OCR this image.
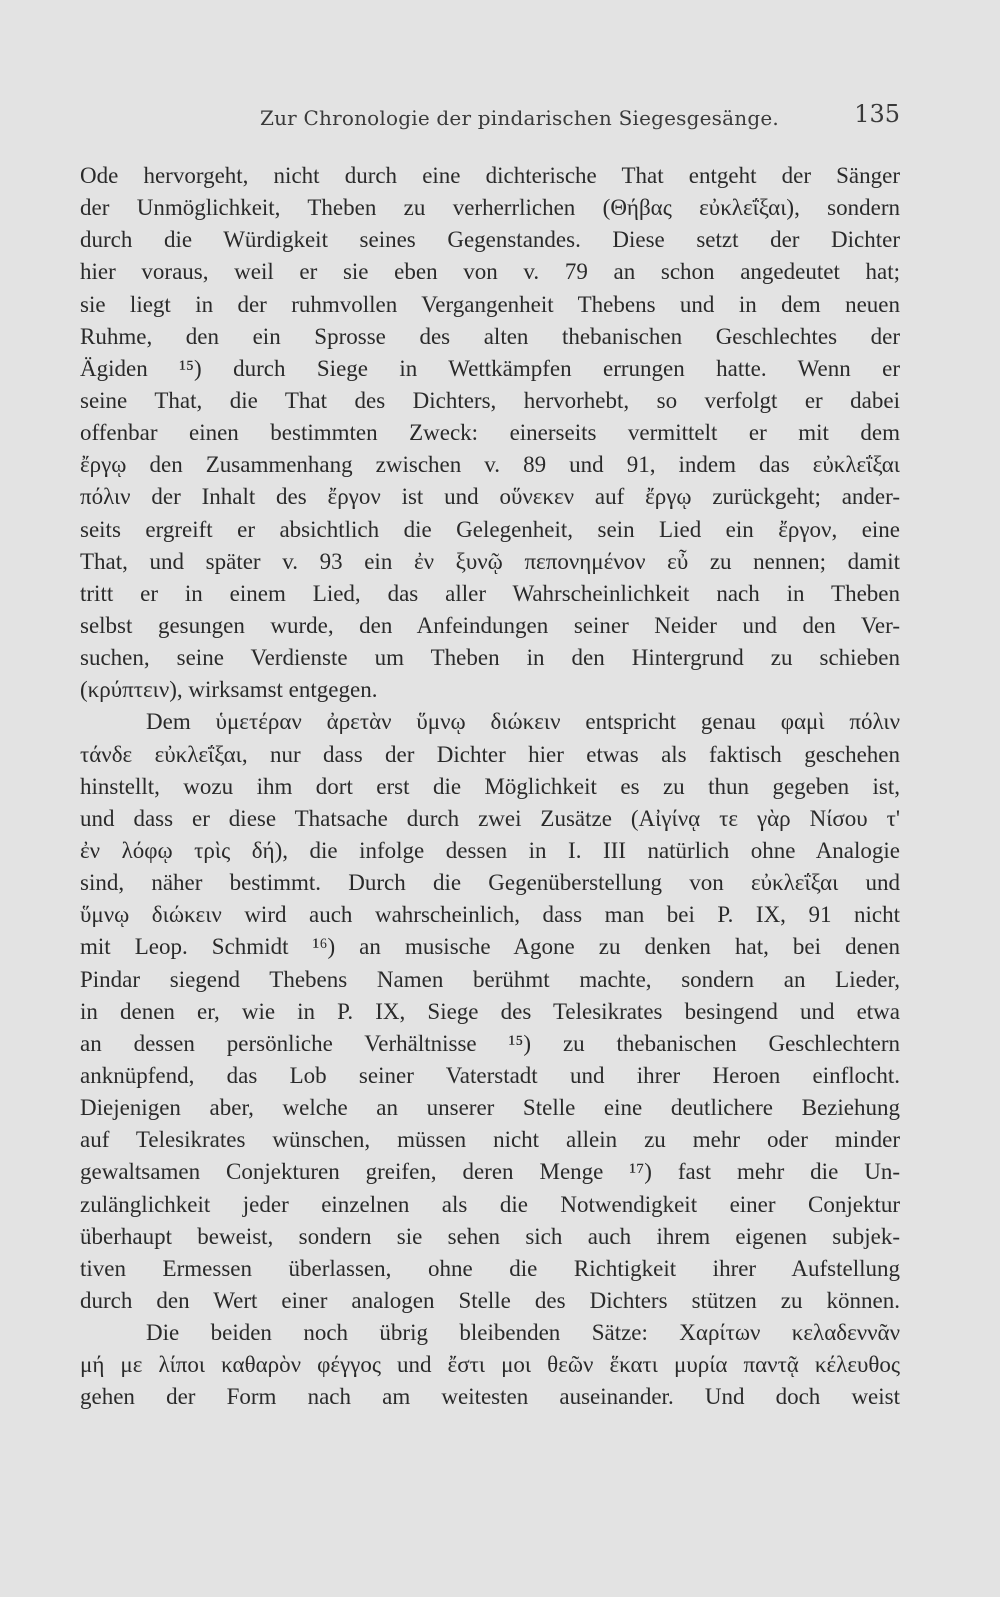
Zur Chronologie der pindarischen Siegesgesänge.	135
Ode hervorgeht, nicht durch eine dichterische That entgeht der Sänger
der Unmöglichkeit, Theben zu verherrlichen (Θήβας εὐκλεΐξαι), sondern
durch die Würdigkeit seines Gegenstandes. Diese setzt der Dichter
hier voraus, weil er sie eben von v. 79 an schon angedeutet hat;
sie liegt in der ruhmvollen Vergangenheit Thebens und in dem neuen
Ruhme, den ein Sprosse des alten thebanischen Geschlechtes der
Ägiden ¹⁵) durch Siege in Wettkämpfen errungen hatte. Wenn er
seine That, die That des Dichters, hervorhebt, so verfolgt er dabei
offenbar einen bestimmten Zweck: einerseits vermittelt er mit dem
ἔργῳ den Zusammenhang zwischen v. 89 und 91, indem das εὐκλεΐξαι
πόλιν der Inhalt des ἔργον ist und οὕνεκεν auf ἔργῳ zurückgeht; ander-
seits ergreift er absichtlich die Gelegenheit, sein Lied ein ἔργον, eine
That, und später v. 93 ein ἐν ξυνῷ πεπονημένον εὖ zu nennen; damit
tritt er in einem Lied, das aller Wahrscheinlichkeit nach in Theben
selbst gesungen wurde, den Anfeindungen seiner Neider und den Ver-
suchen, seine Verdienste um Theben in den Hintergrund zu schieben
(κρύπτειν), wirksamst entgegen.
Dem ὑμετέραν ἀρετὰν ὕμνῳ διώκειν entspricht genau φαμὶ πόλιν
τάνδε εὐκλεΐξαι, nur dass der Dichter hier etwas als faktisch geschehen
hinstellt, wozu ihm dort erst die Möglichkeit es zu thun gegeben ist,
und dass er diese Thatsache durch zwei Zusätze (Αἰγίνᾳ τε γὰρ Νίσου τ'
ἐν λόφῳ τρὶς δή), die infolge dessen in I. III natürlich ohne Analogie
sind, näher bestimmt. Durch die Gegenüberstellung von εὐκλεΐξαι und
ὕμνῳ διώκειν wird auch wahrscheinlich, dass man bei P. IX, 91 nicht
mit Leop. Schmidt ¹⁶) an musische Agone zu denken hat, bei denen
Pindar siegend Thebens Namen berühmt machte, sondern an Lieder,
in denen er, wie in P. IX, Siege des Telesikrates besingend und etwa
an dessen persönliche Verhältnisse ¹⁵) zu thebanischen Geschlechtern
anknüpfend, das Lob seiner Vaterstadt und ihrer Heroen einflocht.
Diejenigen aber, welche an unserer Stelle eine deutlichere Beziehung
auf Telesikrates wünschen, müssen nicht allein zu mehr oder minder
gewaltsamen Conjekturen greifen, deren Menge ¹⁷) fast mehr die Un-
zulänglichkeit jeder einzelnen als die Notwendigkeit einer Conjektur
überhaupt beweist, sondern sie sehen sich auch ihrem eigenen subjek-
tiven Ermessen überlassen, ohne die Richtigkeit ihrer Aufstellung
durch den Wert einer analogen Stelle des Dichters stützen zu können.
Die beiden noch übrig bleibenden Sätze: Χαρίτων κελαδεννᾶν
μή με λίποι καθαρὸν φέγγος und ἔστι μοι θεῶν ἕκατι μυρία παντᾷ κέλευθος
gehen der Form nach am weitesten auseinander. Und doch weist
